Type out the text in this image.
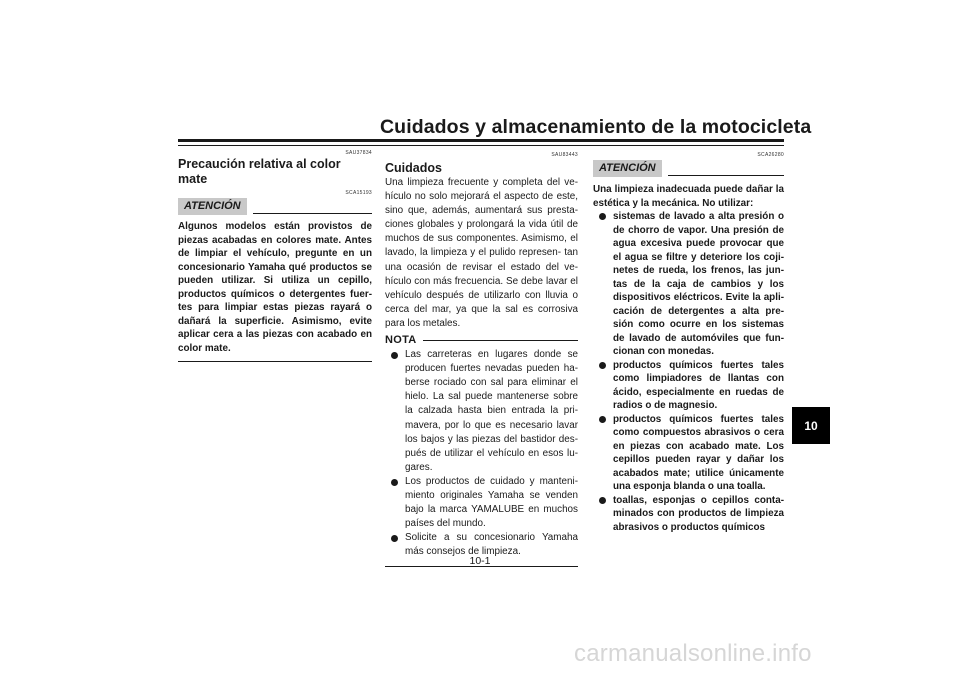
Cuidados y almacenamiento de la motocicleta
10
SAU37834
Precaución relativa al color mate
SCA15193
ATENCIÓN
Algunos modelos están provistos de piezas acabadas en colores mate. Antes de limpiar el vehículo, pregunte en un concesionario Yamaha qué productos se pueden utilizar. Si utiliza un cepillo, productos químicos o detergentes fuer- tes para limpiar estas piezas rayará o dañará la superficie. Asimismo, evite aplicar cera a las piezas con acabado en color mate.
SAU83443
Cuidados

Una limpieza frecuente y completa del ve- hículo no solo mejorará el aspecto de este, sino que, además, aumentará sus presta- ciones globales y prolongará la vida útil de muchos de sus componentes. Asimismo, el lavado, la limpieza y el pulido represen- tan una ocasión de revisar el estado del ve- hículo con más frecuencia. Se debe lavar el vehículo después de utilizarlo con lluvia o cerca del mar, ya que la sal es corrosiva para los metales.

NOTA
Las carreteras en lugares donde se producen fuertes nevadas pueden ha- berse rociado con sal para eliminar el hielo. La sal puede mantenerse sobre la calzada hasta bien entrada la pri- mavera, por lo que es necesario lavar los bajos y las piezas del bastidor des- pués de utilizar el vehículo en esos lu- gares.
Los productos de cuidado y manteni- miento originales Yamaha se venden bajo la marca YAMALUBE en muchos países del mundo.
Solicite a su concesionario Yamaha más consejos de limpieza.
SCA26280
ATENCIÓN
Una limpieza inadecuada puede dañar la estética y la mecánica. No utilizar:
sistemas de lavado a alta presión o de chorro de vapor. Una presión de agua excesiva puede provocar que el agua se filtre y deteriore los coji- netes de rueda, los frenos, las jun- tas de la caja de cambios y los dispositivos eléctricos. Evite la apli- cación de detergentes a alta pre- sión como ocurre en los sistemas de lavado de automóviles que fun- cionan con monedas.
productos químicos fuertes tales como limpiadores de llantas con ácido, especialmente en ruedas de radios o de magnesio.
productos químicos fuertes tales como compuestos abrasivos o cera en piezas con acabado mate. Los cepillos pueden rayar y dañar los acabados mate; utilice únicamente una esponja blanda o una toalla.
toallas, esponjas o cepillos conta- minados con productos de limpieza abrasivos o productos químicos
10-1
carmanualsonline.info
